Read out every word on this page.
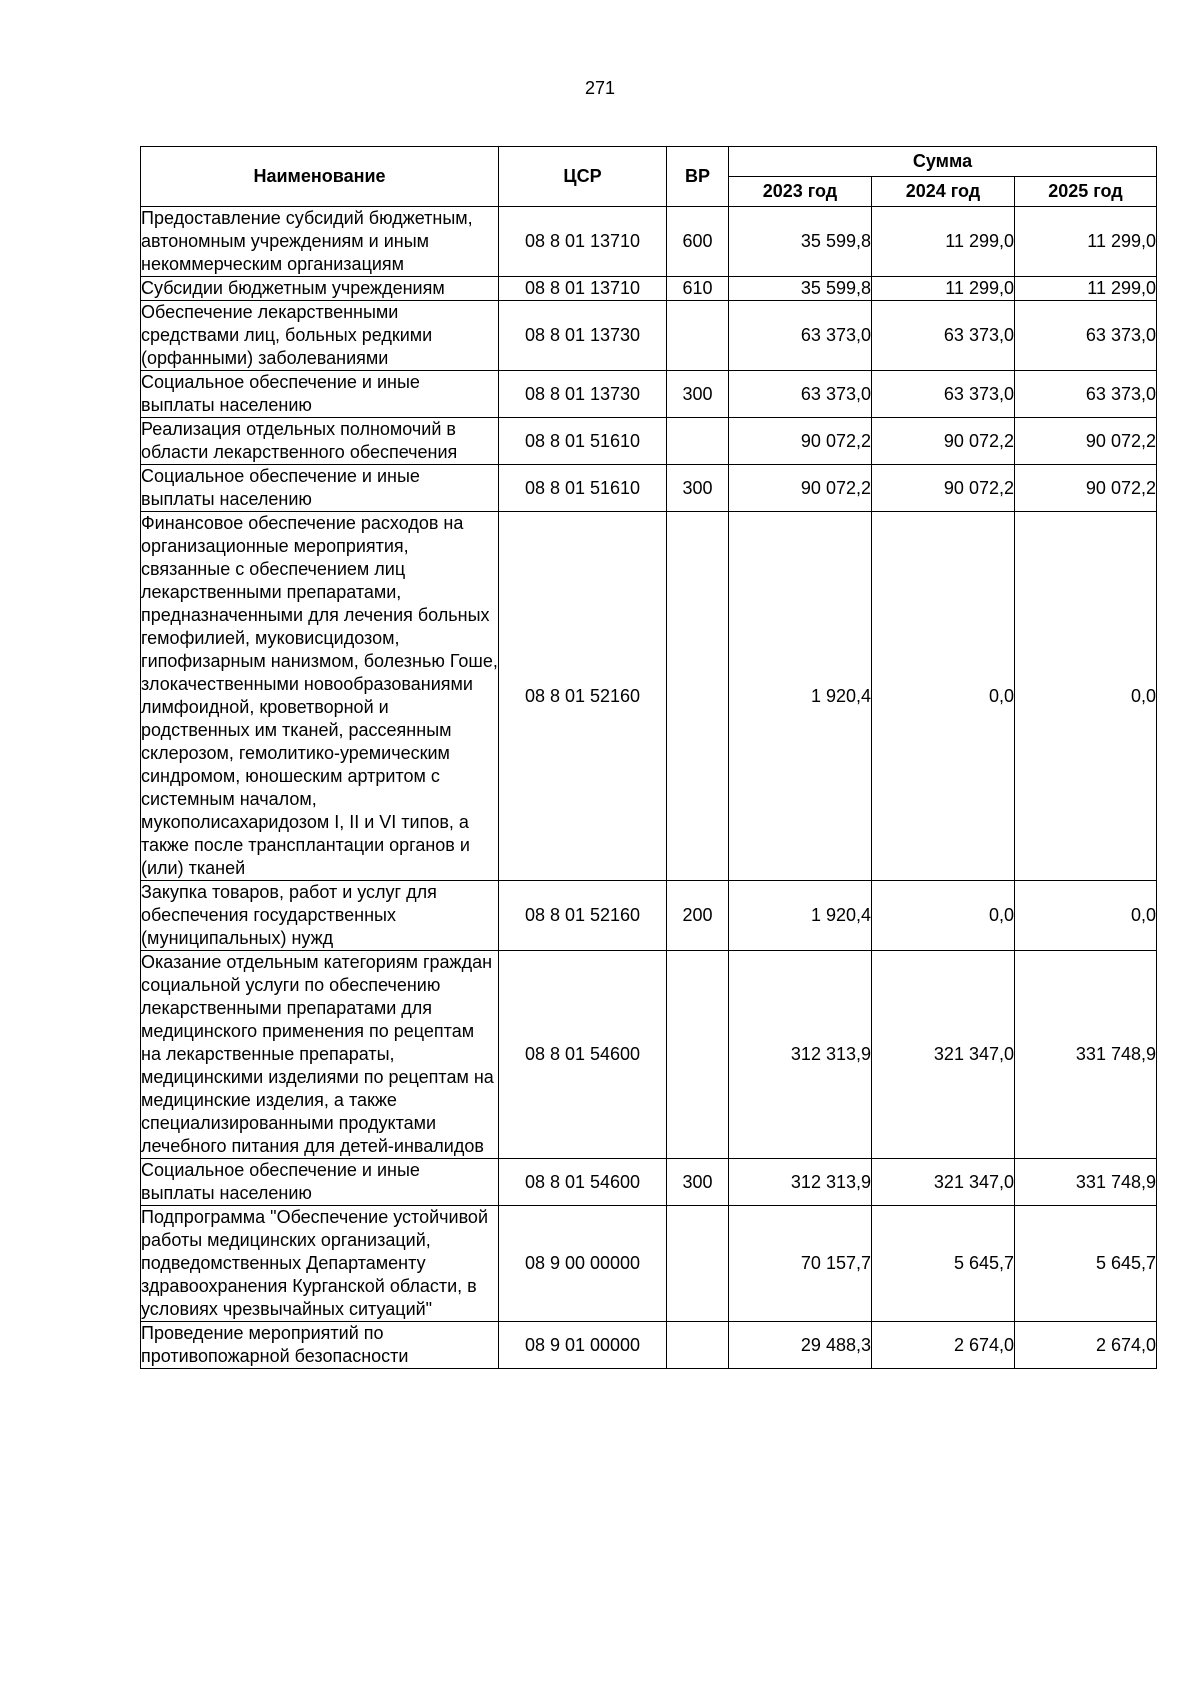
271
Наименование	ЦСР	ВР	Сумма		
			2023 год	2024 год	2025 год
Предоставление субсидий бюджетным, автономным учреждениям и иным некоммерческим организациям	08 8 01 13710	600	35 599,8	11 299,0	11 299,0
Субсидии бюджетным учреждениям	08 8 01 13710	610	35 599,8	11 299,0	11 299,0
Обеспечение лекарственными средствами лиц, больных редкими (орфанными) заболеваниями	08 8 01 13730		63 373,0	63 373,0	63 373,0
Социальное обеспечение и иные выплаты населению	08 8 01 13730	300	63 373,0	63 373,0	63 373,0
Реализация отдельных полномочий в области лекарственного обеспечения	08 8 01 51610		90 072,2	90 072,2	90 072,2
Социальное обеспечение и иные выплаты населению	08 8 01 51610	300	90 072,2	90 072,2	90 072,2
Финансовое обеспечение расходов на организационные мероприятия, связанные с обеспечением лиц лекарственными препаратами, предназначенными для лечения больных гемофилией, муковисцидозом, гипофизарным нанизмом, болезнью Гоше, злокачественными новообразованиями лимфоидной, кроветворной и родственных им тканей, рассеянным склерозом, гемолитико-уремическим синдромом, юношеским артритом с системным началом, мукополисахаридозом I, II и VI типов, а также после трансплантации органов и (или) тканей	08 8 01 52160		1 920,4	0,0	0,0
Закупка товаров, работ и услуг для обеспечения государственных (муниципальных) нужд	08 8 01 52160	200	1 920,4	0,0	0,0
Оказание отдельным категориям граждан социальной услуги по обеспечению лекарственными препаратами для медицинского применения по рецептам на лекарственные препараты, медицинскими изделиями по рецептам на медицинские изделия, а также специализированными продуктами лечебного питания для детей-инвалидов	08 8 01 54600		312 313,9	321 347,0	331 748,9
Социальное обеспечение и иные выплаты населению	08 8 01 54600	300	312 313,9	321 347,0	331 748,9
Подпрограмма "Обеспечение устойчивой работы медицинских организаций, подведомственных Департаменту здравоохранения Курганской области, в условиях чрезвычайных ситуаций"	08 9 00 00000		70 157,7	5 645,7	5 645,7
Проведение мероприятий по противопожарной безопасности	08 9 01 00000		29 488,3	2 674,0	2 674,0
